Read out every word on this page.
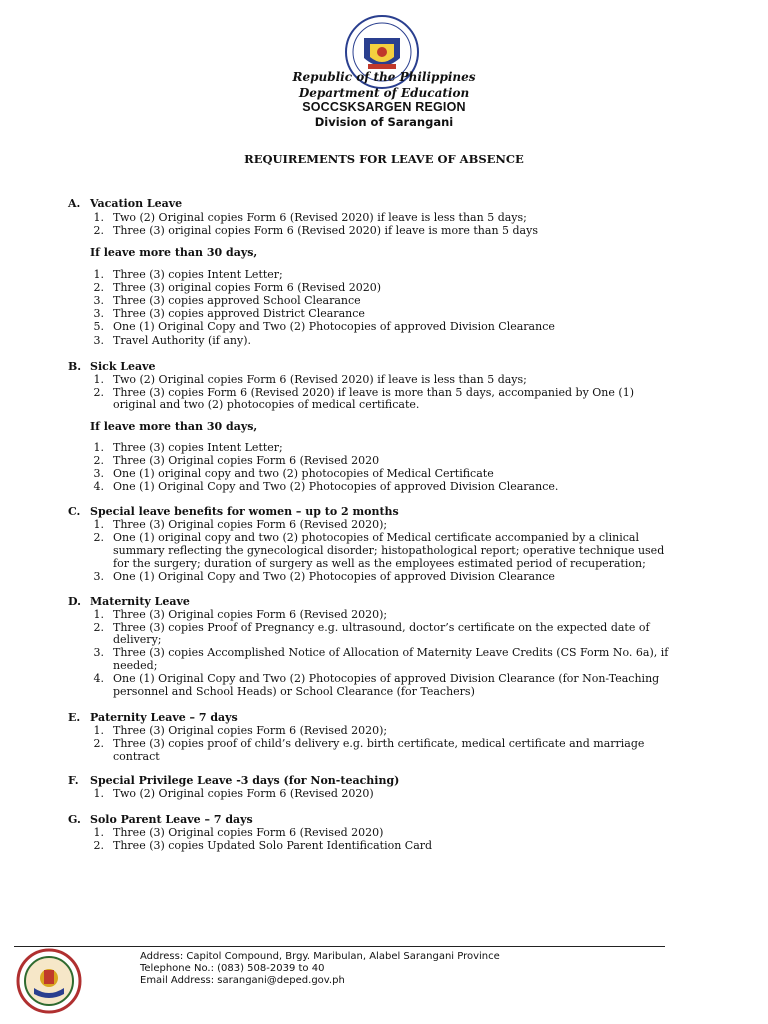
Republic of the Philippines
Department of Education
SOCCSKSARGEN REGION
Division of Sarangani
REQUIREMENTS FOR LEAVE OF ABSENCE
A. Vacation Leave
1. Two (2) Original copies Form 6 (Revised 2020) if leave is less than 5 days;
2. Three (3) original copies Form 6 (Revised 2020) if leave is more than 5 days
If leave more than 30 days,
1. Three (3) copies Intent Letter;
2. Three (3) original copies Form 6 (Revised 2020)
3. Three (3) copies approved School Clearance
3. Three (3) copies approved District Clearance
5. One (1) Original Copy and Two (2) Photocopies of approved Division Clearance
3. Travel Authority (if any).
B. Sick Leave
1. Two (2) Original copies Form 6 (Revised 2020) if leave is less than 5 days;
2. Three (3) copies Form 6 (Revised 2020) if leave is more than 5 days, accompanied by One (1)
original and two (2) photocopies of medical certificate.
If leave more than 30 days,
1. Three (3) copies Intent Letter;
2. Three (3) Original copies Form 6 (Revised 2020
3. One (1) original copy and two (2) photocopies of Medical Certificate
4. One (1) Original Copy and Two (2) Photocopies of approved Division Clearance.
C. Special leave benefits for women – up to 2 months
1. Three (3) Original copies Form 6 (Revised 2020);
2. One (1) original copy and two (2) photocopies of Medical certificate accompanied by a clinical
summary reflecting the gynecological disorder; histopathological report; operative technique used
for the surgery; duration of surgery as well as the employees estimated period of recuperation;
3. One (1) Original Copy and Two (2) Photocopies of approved Division Clearance
D. Maternity Leave
1. Three (3) Original copies Form 6 (Revised 2020);
2. Three (3) copies Proof of Pregnancy e.g. ultrasound, doctor’s certificate on the expected date of
delivery;
3. Three (3) copies Accomplished Notice of Allocation of Maternity Leave Credits (CS Form No. 6a), if
needed;
4. One (1) Original Copy and Two (2) Photocopies of approved Division Clearance (for Non-Teaching
personnel and School Heads) or School Clearance (for Teachers)
E. Paternity Leave – 7 days
1. Three (3) Original copies Form 6 (Revised 2020);
2. Three (3) copies proof of child’s delivery e.g. birth certificate, medical certificate and marriage
contract
F. Special Privilege Leave -3 days (for Non-teaching)
1. Two (2) Original copies Form 6 (Revised 2020)
G. Solo Parent Leave – 7 days
1. Three (3) Original copies Form 6 (Revised 2020)
2. Three (3) copies Updated Solo Parent Identification Card
Address: Capitol Compound, Brgy. Maribulan, Alabel Sarangani Province
Telephone No.: (083) 508-2039 to 40
Email Address: sarangani@deped.gov.ph
